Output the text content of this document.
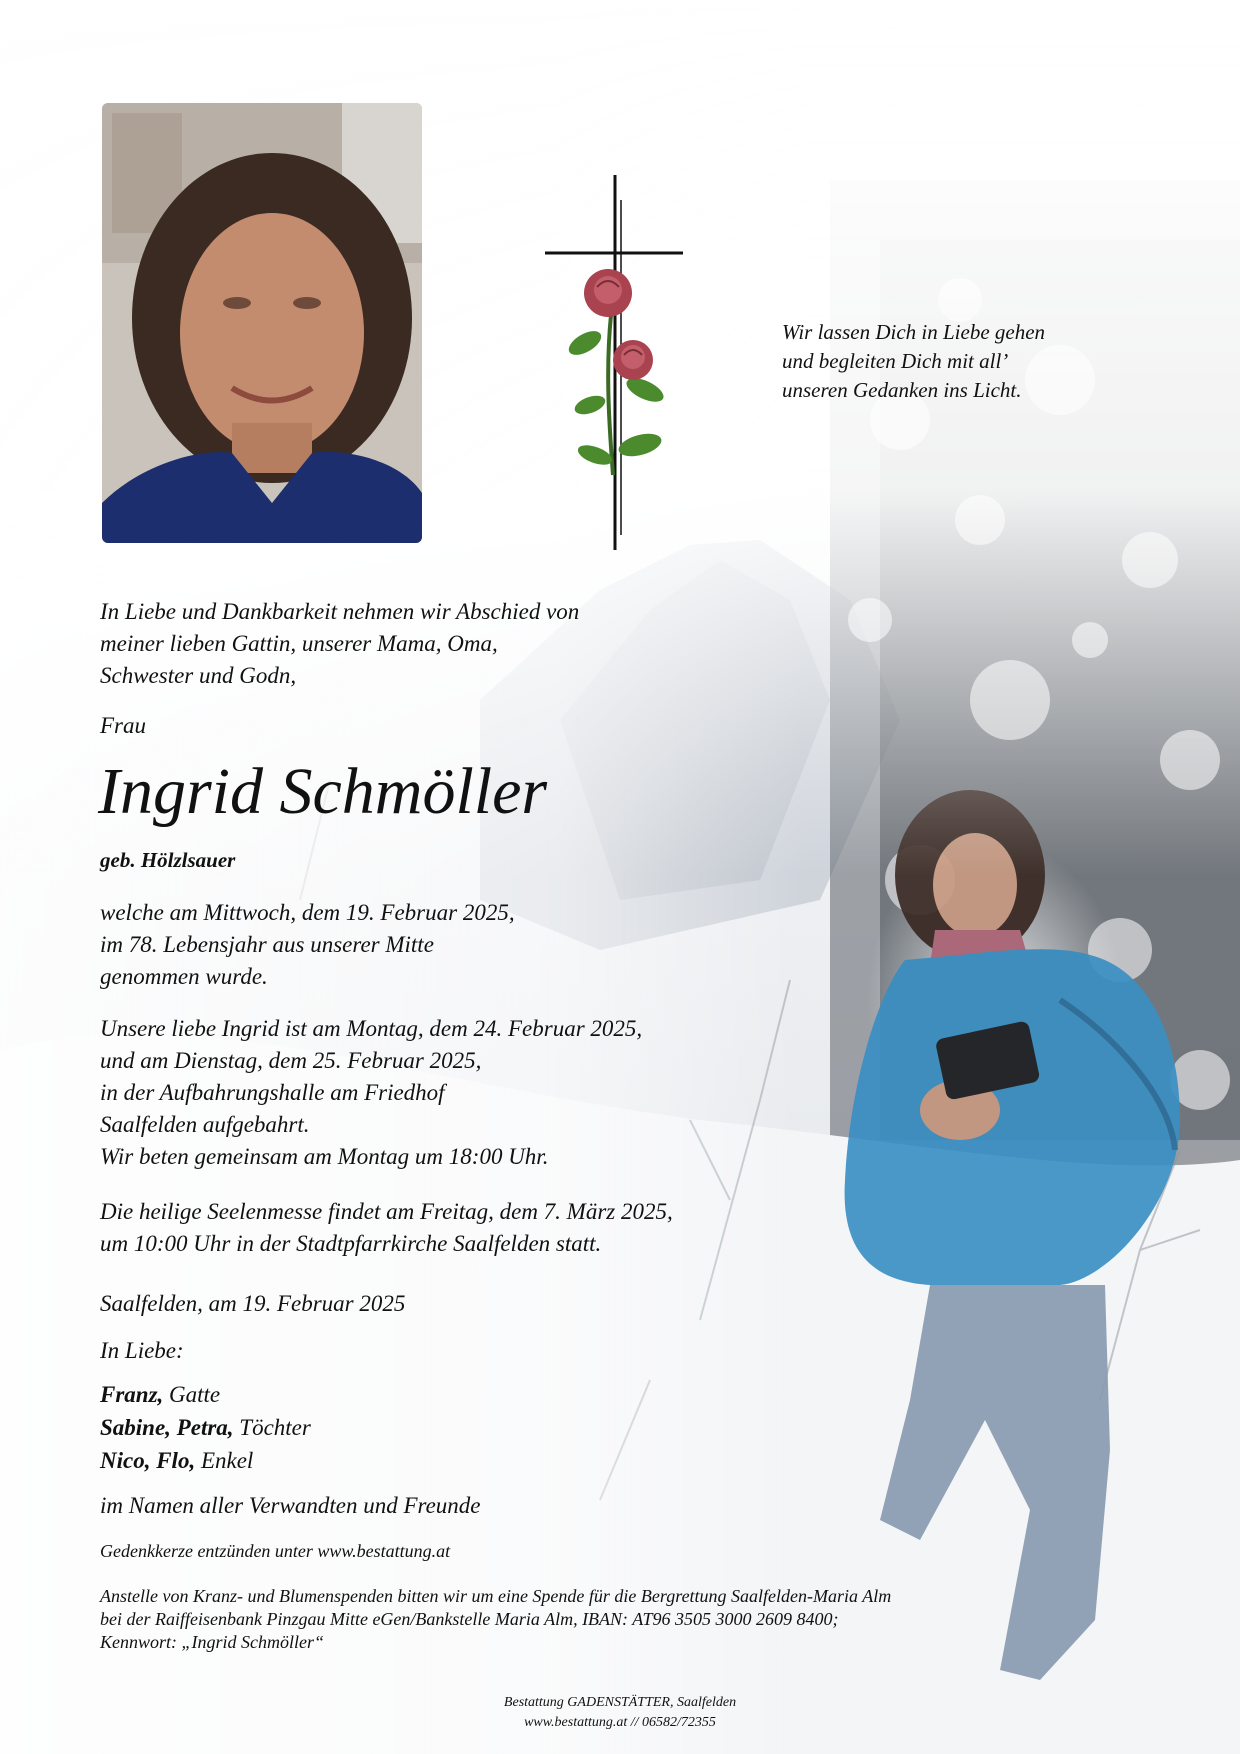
Wir lassen Dich in Liebe gehen
und begleiten Dich mit all’
unseren Gedanken ins Licht.
In Liebe und Dankbarkeit nehmen wir Abschied von
meiner lieben Gattin, unserer Mama, Oma,
Schwester und Godn,
Frau
Ingrid Schmöller
geb. Hölzlsauer
welche am Mittwoch, dem 19. Februar 2025,
im 78. Lebensjahr aus unserer Mitte
genommen wurde.
Unsere liebe Ingrid ist am Montag, dem 24. Februar 2025,
und am Dienstag, dem 25. Februar 2025,
in der Aufbahrungshalle am Friedhof
Saalfelden aufgebahrt.
Wir beten gemeinsam am Montag um 18:00 Uhr.
Die heilige Seelenmesse findet am Freitag, dem 7. März 2025,
um 10:00 Uhr in der Stadtpfarrkirche Saalfelden statt.
Saalfelden, am 19. Februar 2025
In Liebe:
Franz, Gatte
Sabine, Petra, Töchter
Nico, Flo, Enkel
im Namen aller Verwandten und Freunde
Gedenkkerze entzünden unter www.bestattung.at
Anstelle von Kranz- und Blumenspenden bitten wir um eine Spende für die Bergrettung Saalfelden-Maria Alm
bei der Raiffeisenbank Pinzgau Mitte eGen/Bankstelle Maria Alm, IBAN: AT96 3505 3000 2609 8400;
Kennwort: „Ingrid Schmöller“
Bestattung GADENSTÄTTER, Saalfelden
www.bestattung.at // 06582/72355
